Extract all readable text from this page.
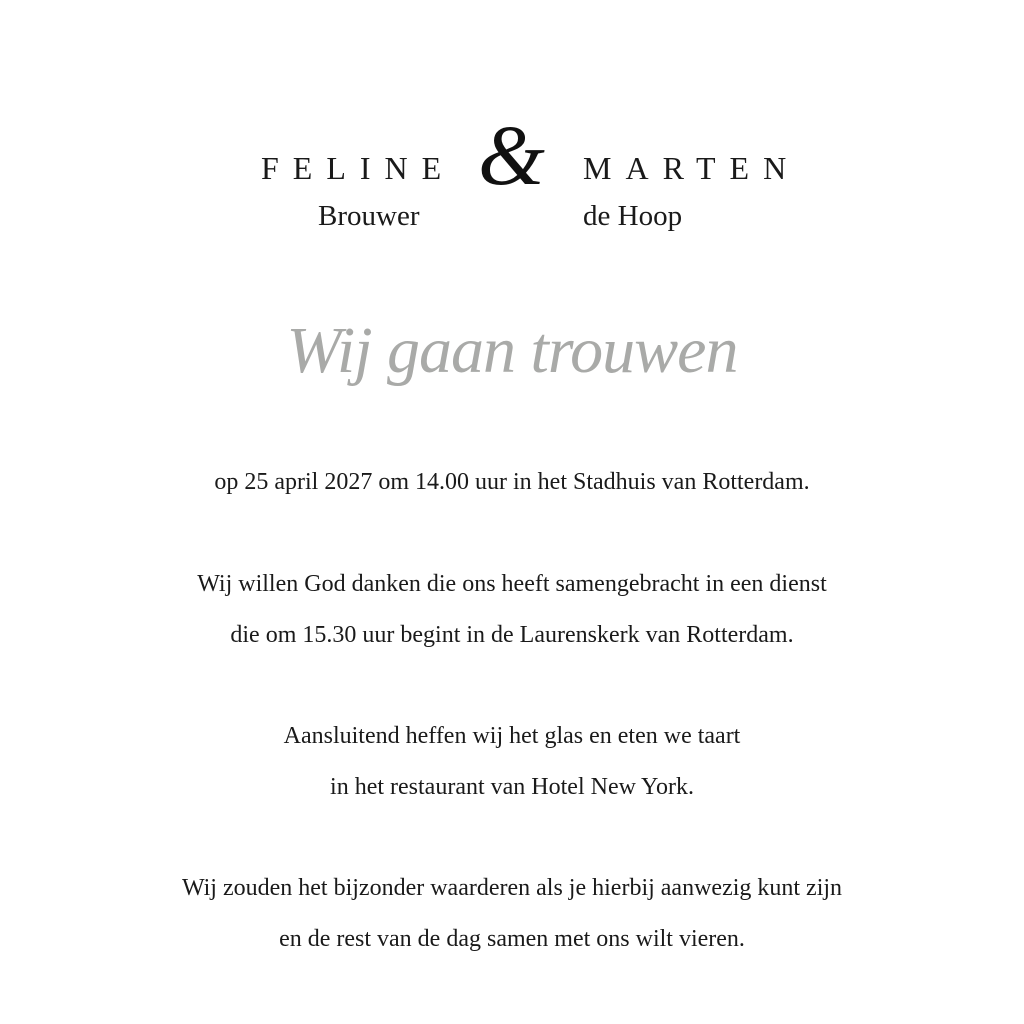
FELINE
Brouwer
& MARTEN
de Hoop
Wij gaan trouwen
op 25 april 2027 om 14.00 uur in het Stadhuis van Rotterdam.
Wij willen God danken die ons heeft samengebracht in een dienst
die om 15.30 uur begint in de Laurenskerk van Rotterdam.
Aansluitend heffen wij het glas en eten we taart
in het restaurant van Hotel New York.
Wij zouden het bijzonder waarderen als je hierbij aanwezig kunt zijn
en de rest van de dag samen met ons wilt vieren.
